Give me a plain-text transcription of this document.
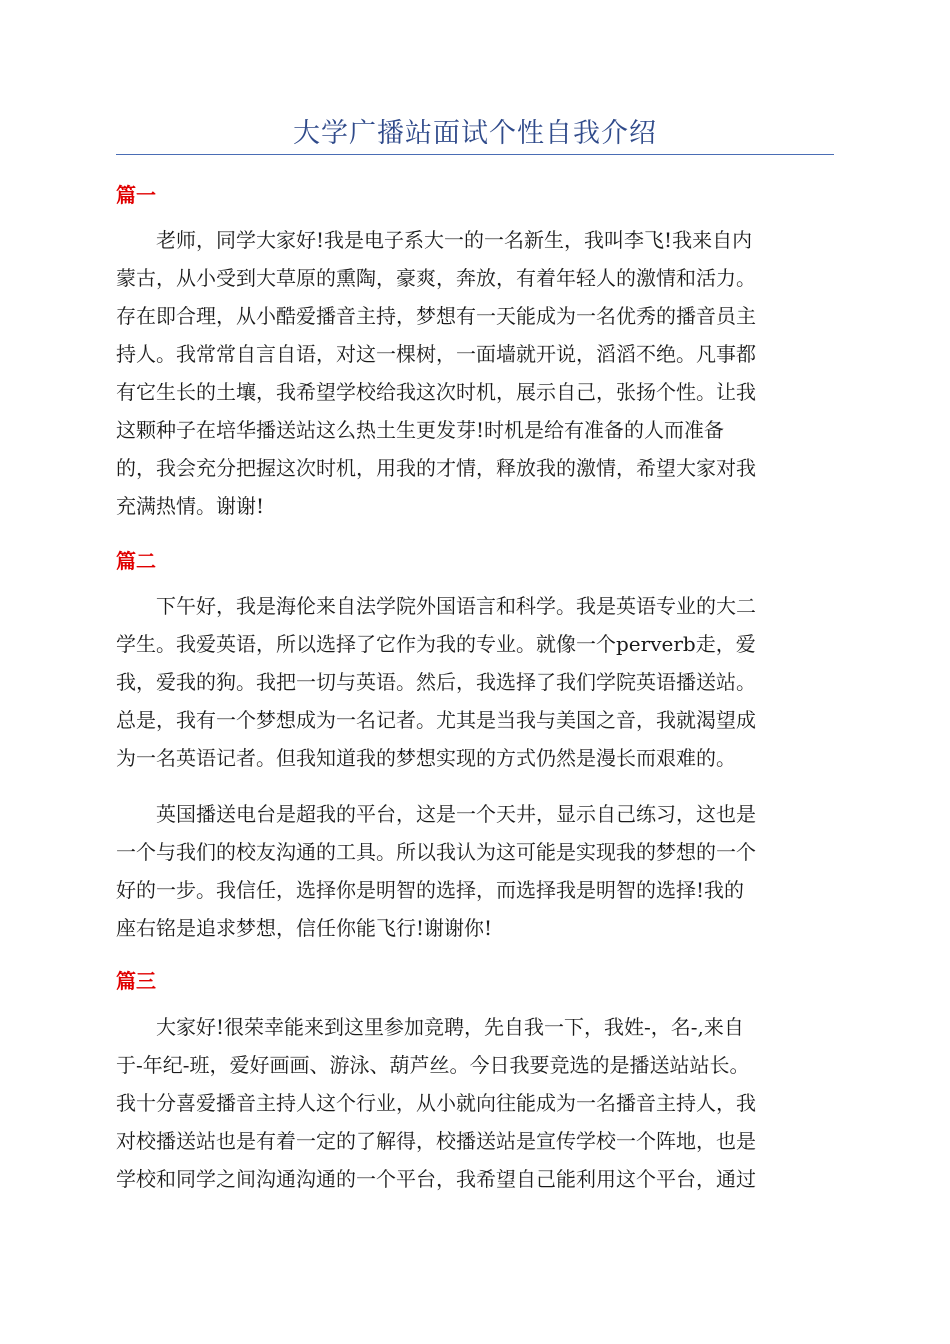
大学广播站面试个性自我介绍
篇一
　　老师，同学大家好!我是电子系大一的一名新生，我叫李飞!我来自内
蒙古，从小受到大草原的熏陶，豪爽，奔放，有着年轻人的激情和活力。
存在即合理，从小酷爱播音主持，梦想有一天能成为一名优秀的播音员主
持人。我常常自言自语，对这一棵树，一面墙就开说，滔滔不绝。凡事都
有它生长的土壤，我希望学校给我这次时机，展示自己，张扬个性。让我
这颗种子在培华播送站这么热土生更发芽!时机是给有准备的人而准备
的，我会充分把握这次时机，用我的才情，释放我的激情，希望大家对我
充满热情。谢谢!
篇二
　　下午好，我是海伦来自法学院外国语言和科学。我是英语专业的大二
学生。我爱英语，所以选择了它作为我的专业。就像一个perverb走，爱
我，爱我的狗。我把一切与英语。然后，我选择了我们学院英语播送站。
总是，我有一个梦想成为一名记者。尤其是当我与美国之音，我就渴望成
为一名英语记者。但我知道我的梦想实现的方式仍然是漫长而艰难的。
　　英国播送电台是超我的平台，这是一个天井，显示自己练习，这也是
一个与我们的校友沟通的工具。所以我认为这可能是实现我的梦想的一个
好的一步。我信任，选择你是明智的选择，而选择我是明智的选择!我的
座右铭是追求梦想，信任你能飞行!谢谢你!
篇三
　　大家好!很荣幸能来到这里参加竞聘，先自我一下，我姓-，名-,来自
于-年纪-班，爱好画画、游泳、葫芦丝。今日我要竞选的是播送站站长。
我十分喜爱播音主持人这个行业，从小就向往能成为一名播音主持人，我
对校播送站也是有着一定的了解得，校播送站是宣传学校一个阵地，也是
学校和同学之间沟通沟通的一个平台，我希望自己能利用这个平台，通过
